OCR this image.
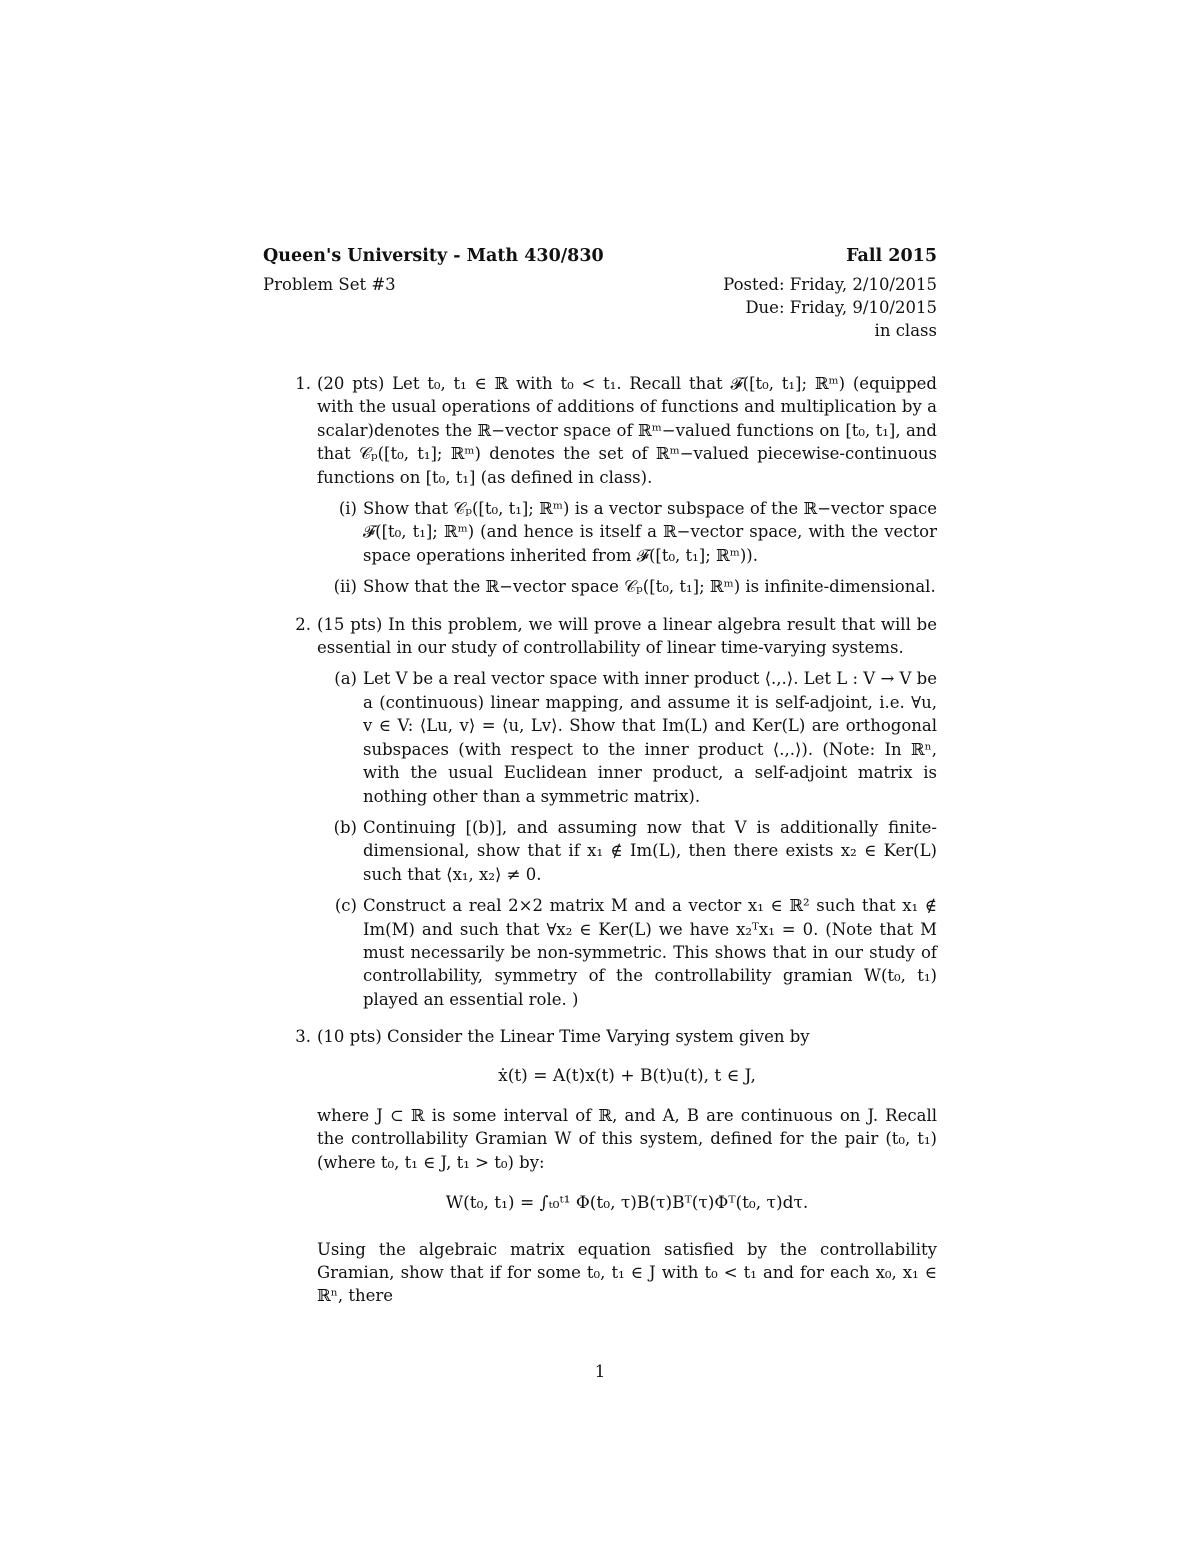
Queen's University - Math 430/830	Fall 2015
Problem Set #3	Posted: Friday, 2/10/2015
Due: Friday, 9/10/2015
in class
1. (20 pts) Let t₀, t₁ ∈ ℝ with t₀ < t₁. Recall that 𝓕([t₀, t₁]; ℝᵐ) (equipped with the usual operations of additions of functions and multiplication by a scalar)denotes the ℝ−vector space of ℝᵐ−valued functions on [t₀, t₁], and that 𝒞ₚ([t₀, t₁]; ℝᵐ) denotes the set of ℝᵐ−valued piecewise-continuous functions on [t₀, t₁] (as defined in class).

(i) Show that 𝒞ₚ([t₀, t₁]; ℝᵐ) is a vector subspace of the ℝ−vector space 𝓕([t₀, t₁]; ℝᵐ) (and hence is itself a ℝ−vector space, with the vector space operations inherited from 𝓕([t₀, t₁]; ℝᵐ)).
(ii) Show that the ℝ−vector space 𝒞ₚ([t₀, t₁]; ℝᵐ) is infinite-dimensional.
2. (15 pts) In this problem, we will prove a linear algebra result that will be essential in our study of controllability of linear time-varying systems.

(a) Let V be a real vector space with inner product ⟨.,.⟩. Let L : V → V be a (continuous) linear mapping, and assume it is self-adjoint, i.e. ∀u, v ∈ V: ⟨Lu, v⟩ = ⟨u, Lv⟩. Show that Im(L) and Ker(L) are orthogonal subspaces (with respect to the inner product ⟨.,.⟩). (Note: In ℝⁿ, with the usual Euclidean inner product, a self-adjoint matrix is nothing other than a symmetric matrix).
(b) Continuing [(b)], and assuming now that V is additionally finite-dimensional, show that if x₁ ∉ Im(L), then there exists x₂ ∈ Ker(L) such that ⟨x₁, x₂⟩ ≠ 0.
(c) Construct a real 2×2 matrix M and a vector x₁ ∈ ℝ² such that x₁ ∉ Im(M) and such that ∀x₂ ∈ Ker(L) we have x₂ᵀx₁ = 0. (Note that M must necessarily be non-symmetric. This shows that in our study of controllability, symmetry of the controllability gramian W(t₀, t₁) played an essential role. )
3. (10 pts) Consider the Linear Time Varying system given by

ẋ(t) = A(t)x(t) + B(t)u(t), t ∈ J,

where J ⊂ ℝ is some interval of ℝ, and A, B are continuous on J. Recall the controllability Gramian W of this system, defined for the pair (t₀, t₁) (where t₀, t₁ ∈ J, t₁ > t₀) by:

W(t₀, t₁) = ∫ₜ₀ᵗ¹ Φ(t₀, τ)B(τ)Bᵀ(τ)Φᵀ(t₀, τ)dτ.

Using the algebraic matrix equation satisfied by the controllability Gramian, show that if for some t₀, t₁ ∈ J with t₀ < t₁ and for each x₀, x₁ ∈ ℝⁿ, there

1
